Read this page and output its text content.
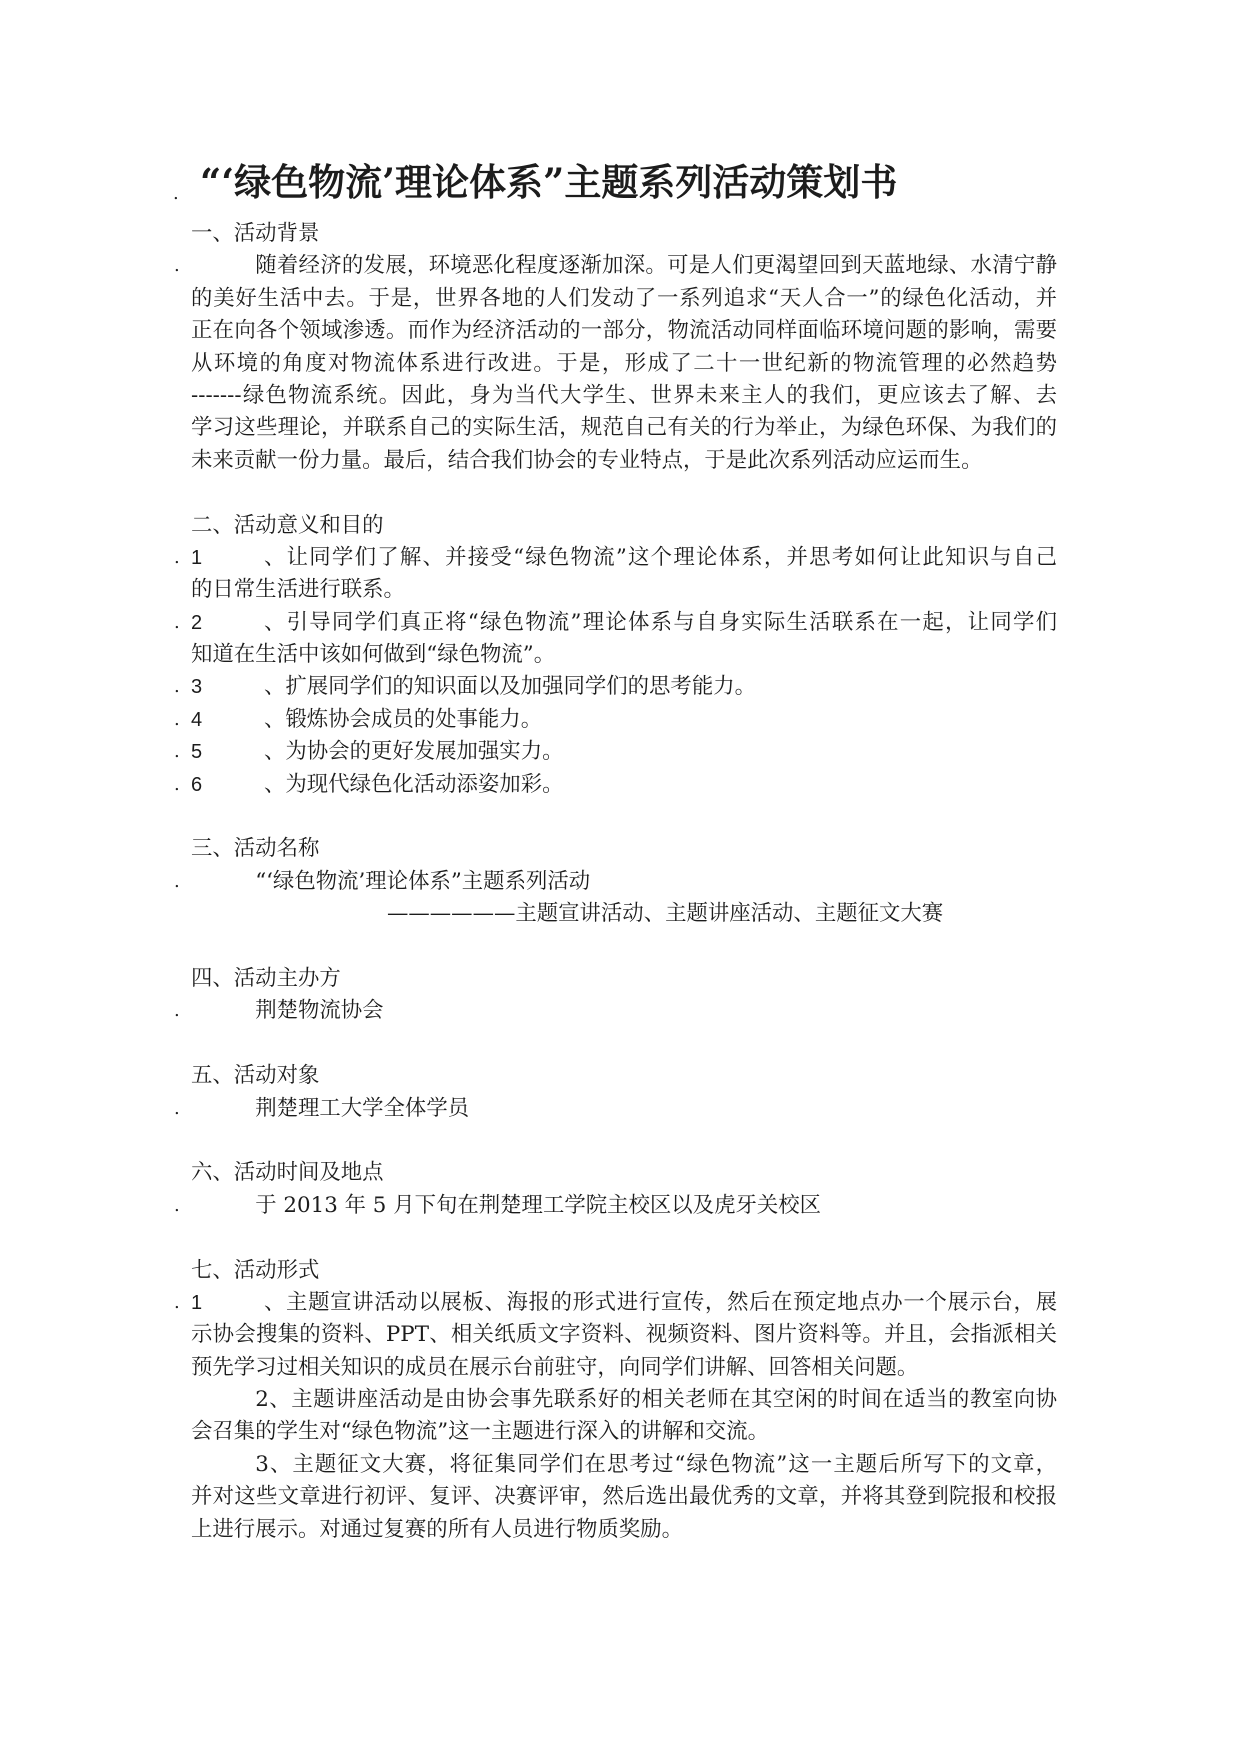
. “‘绿色物流’理论体系”主题系列活动策划书
一、活动背景
.	随着经济的发展，环境恶化程度逐渐加深。可是人们更渴望回到天蓝地绿、水清宁静
的美好生活中去。于是，世界各地的人们发动了一系列追求“天人合一”的绿色化活动，并
正在向各个领域渗透。而作为经济活动的一部分，物流活动同样面临环境问题的影响，需要
从环境的角度对物流体系进行改进。于是，形成了二十一世纪新的物流管理的必然趋势
-------绿色物流系统。因此，身为当代大学生、世界未来主人的我们，更应该去了解、去
学习这些理论，并联系自己的实际生活，规范自己有关的行为举止，为绿色环保、为我们的
未来贡献一份力量。最后，结合我们协会的专业特点，于是此次系列活动应运而生。
二、活动意义和目的
. 1	、让同学们了解、并接受“绿色物流”这个理论体系，并思考如何让此知识与自己
的日常生活进行联系。
. 2	、引导同学们真正将“绿色物流”理论体系与自身实际生活联系在一起，让同学们
知道在生活中该如何做到“绿色物流”。
. 3	、扩展同学们的知识面以及加强同学们的思考能力。
. 4	、锻炼协会成员的处事能力。
. 5	、为协会的更好发展加强实力。
. 6	、为现代绿色化活动添姿加彩。
三、活动名称
.	“‘绿色物流’理论体系”主题系列活动
——————主题宣讲活动、主题讲座活动、主题征文大赛
四、活动主办方
.	荆楚物流协会
五、活动对象
.	荆楚理工大学全体学员
六、活动时间及地点
.	于 2013 年 5 月下旬在荆楚理工学院主校区以及虎牙关校区
七、活动形式
. 1	、主题宣讲活动以展板、海报的形式进行宣传，然后在预定地点办一个展示台，展
示协会搜集的资料、PPT、相关纸质文字资料、视频资料、图片资料等。并且，会指派相关
预先学习过相关知识的成员在展示台前驻守，向同学们讲解、回答相关问题。
2、主题讲座活动是由协会事先联系好的相关老师在其空闲的时间在适当的教室向协
会召集的学生对“绿色物流”这一主题进行深入的讲解和交流。
3、主题征文大赛，将征集同学们在思考过“绿色物流”这一主题后所写下的文章，
并对这些文章进行初评、复评、决赛评审，然后选出最优秀的文章，并将其登到院报和校报
上进行展示。对通过复赛的所有人员进行物质奖励。
